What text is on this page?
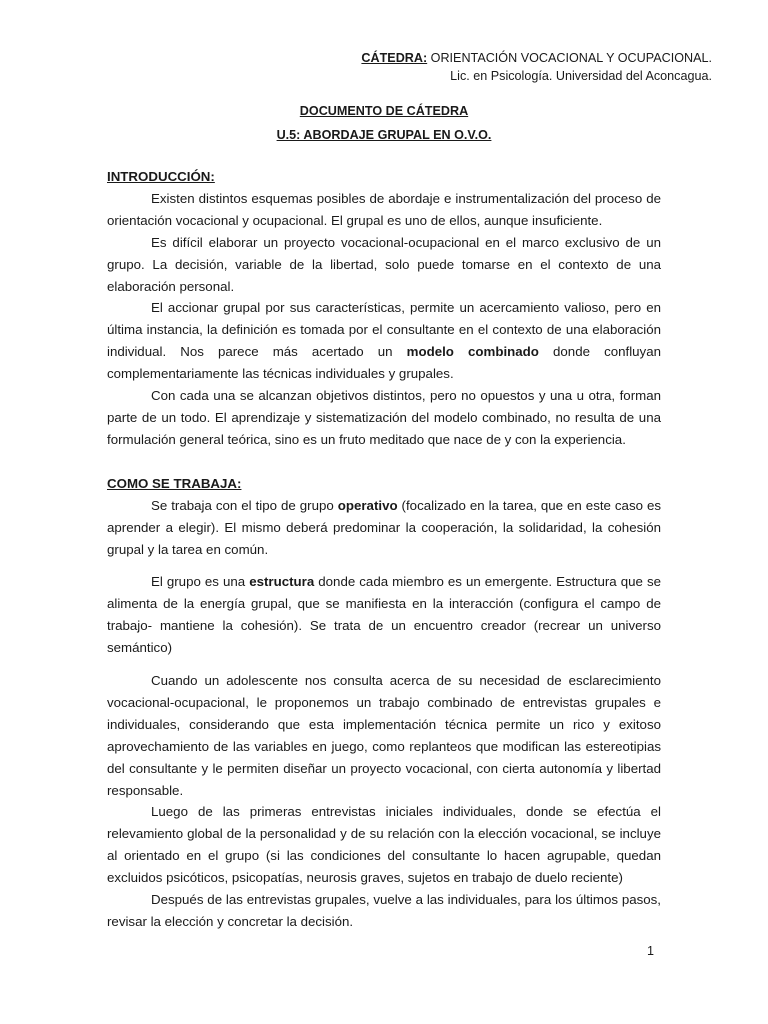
CÁTEDRA: ORIENTACIÓN VOCACIONAL Y OCUPACIONAL.
Lic. en Psicología. Universidad del Aconcagua.
DOCUMENTO DE CÁTEDRA
U.5: ABORDAJE GRUPAL EN O.V.O.
INTRODUCCIÓN:

Existen distintos esquemas posibles de abordaje e instrumentalización del proceso de orientación vocacional y ocupacional. El grupal es uno de ellos, aunque insuficiente.

Es difícil elaborar un proyecto vocacional-ocupacional en el marco exclusivo de un grupo. La decisión, variable de la libertad, solo puede tomarse en el contexto de una elaboración personal.

El accionar grupal por sus características, permite un acercamiento valioso, pero en última instancia, la definición es tomada por el consultante en el contexto de una elaboración individual. Nos parece más acertado un modelo combinado donde confluyan complementariamente las técnicas individuales y grupales.

Con cada una se alcanzan objetivos distintos, pero no opuestos y una u otra, forman parte de un todo. El aprendizaje y sistematización del modelo combinado, no resulta de una formulación general teórica, sino es un fruto meditado que nace de y con la experiencia.

COMO SE TRABAJA:

Se trabaja con el tipo de grupo operativo (focalizado en la tarea, que en este caso es aprender a elegir). El mismo deberá predominar la cooperación, la solidaridad, la cohesión grupal y la tarea en común.

El grupo es una estructura donde cada miembro es un emergente. Estructura que se alimenta de la energía grupal, que se manifiesta en la interacción (configura el campo de trabajo- mantiene la cohesión). Se trata de un encuentro creador (recrear un universo semántico)

Cuando un adolescente nos consulta acerca de su necesidad de esclarecimiento vocacional-ocupacional, le proponemos un trabajo combinado de entrevistas grupales e individuales, considerando que esta implementación técnica permite un rico y exitoso aprovechamiento de las variables en juego, como replanteos que modifican las estereotipias del consultante y le permiten diseñar un proyecto vocacional, con cierta autonomía y libertad responsable.

Luego de las primeras entrevistas iniciales individuales, donde se efectúa el relevamiento global de la personalidad y de su relación con la elección vocacional, se incluye al orientado en el grupo (si las condiciones del consultante lo hacen agrupable, quedan excluidos psicóticos, psicopatías, neurosis graves, sujetos en trabajo de duelo reciente)

Después de las entrevistas grupales, vuelve a las individuales, para los últimos pasos, revisar la elección y concretar la decisión.

1
